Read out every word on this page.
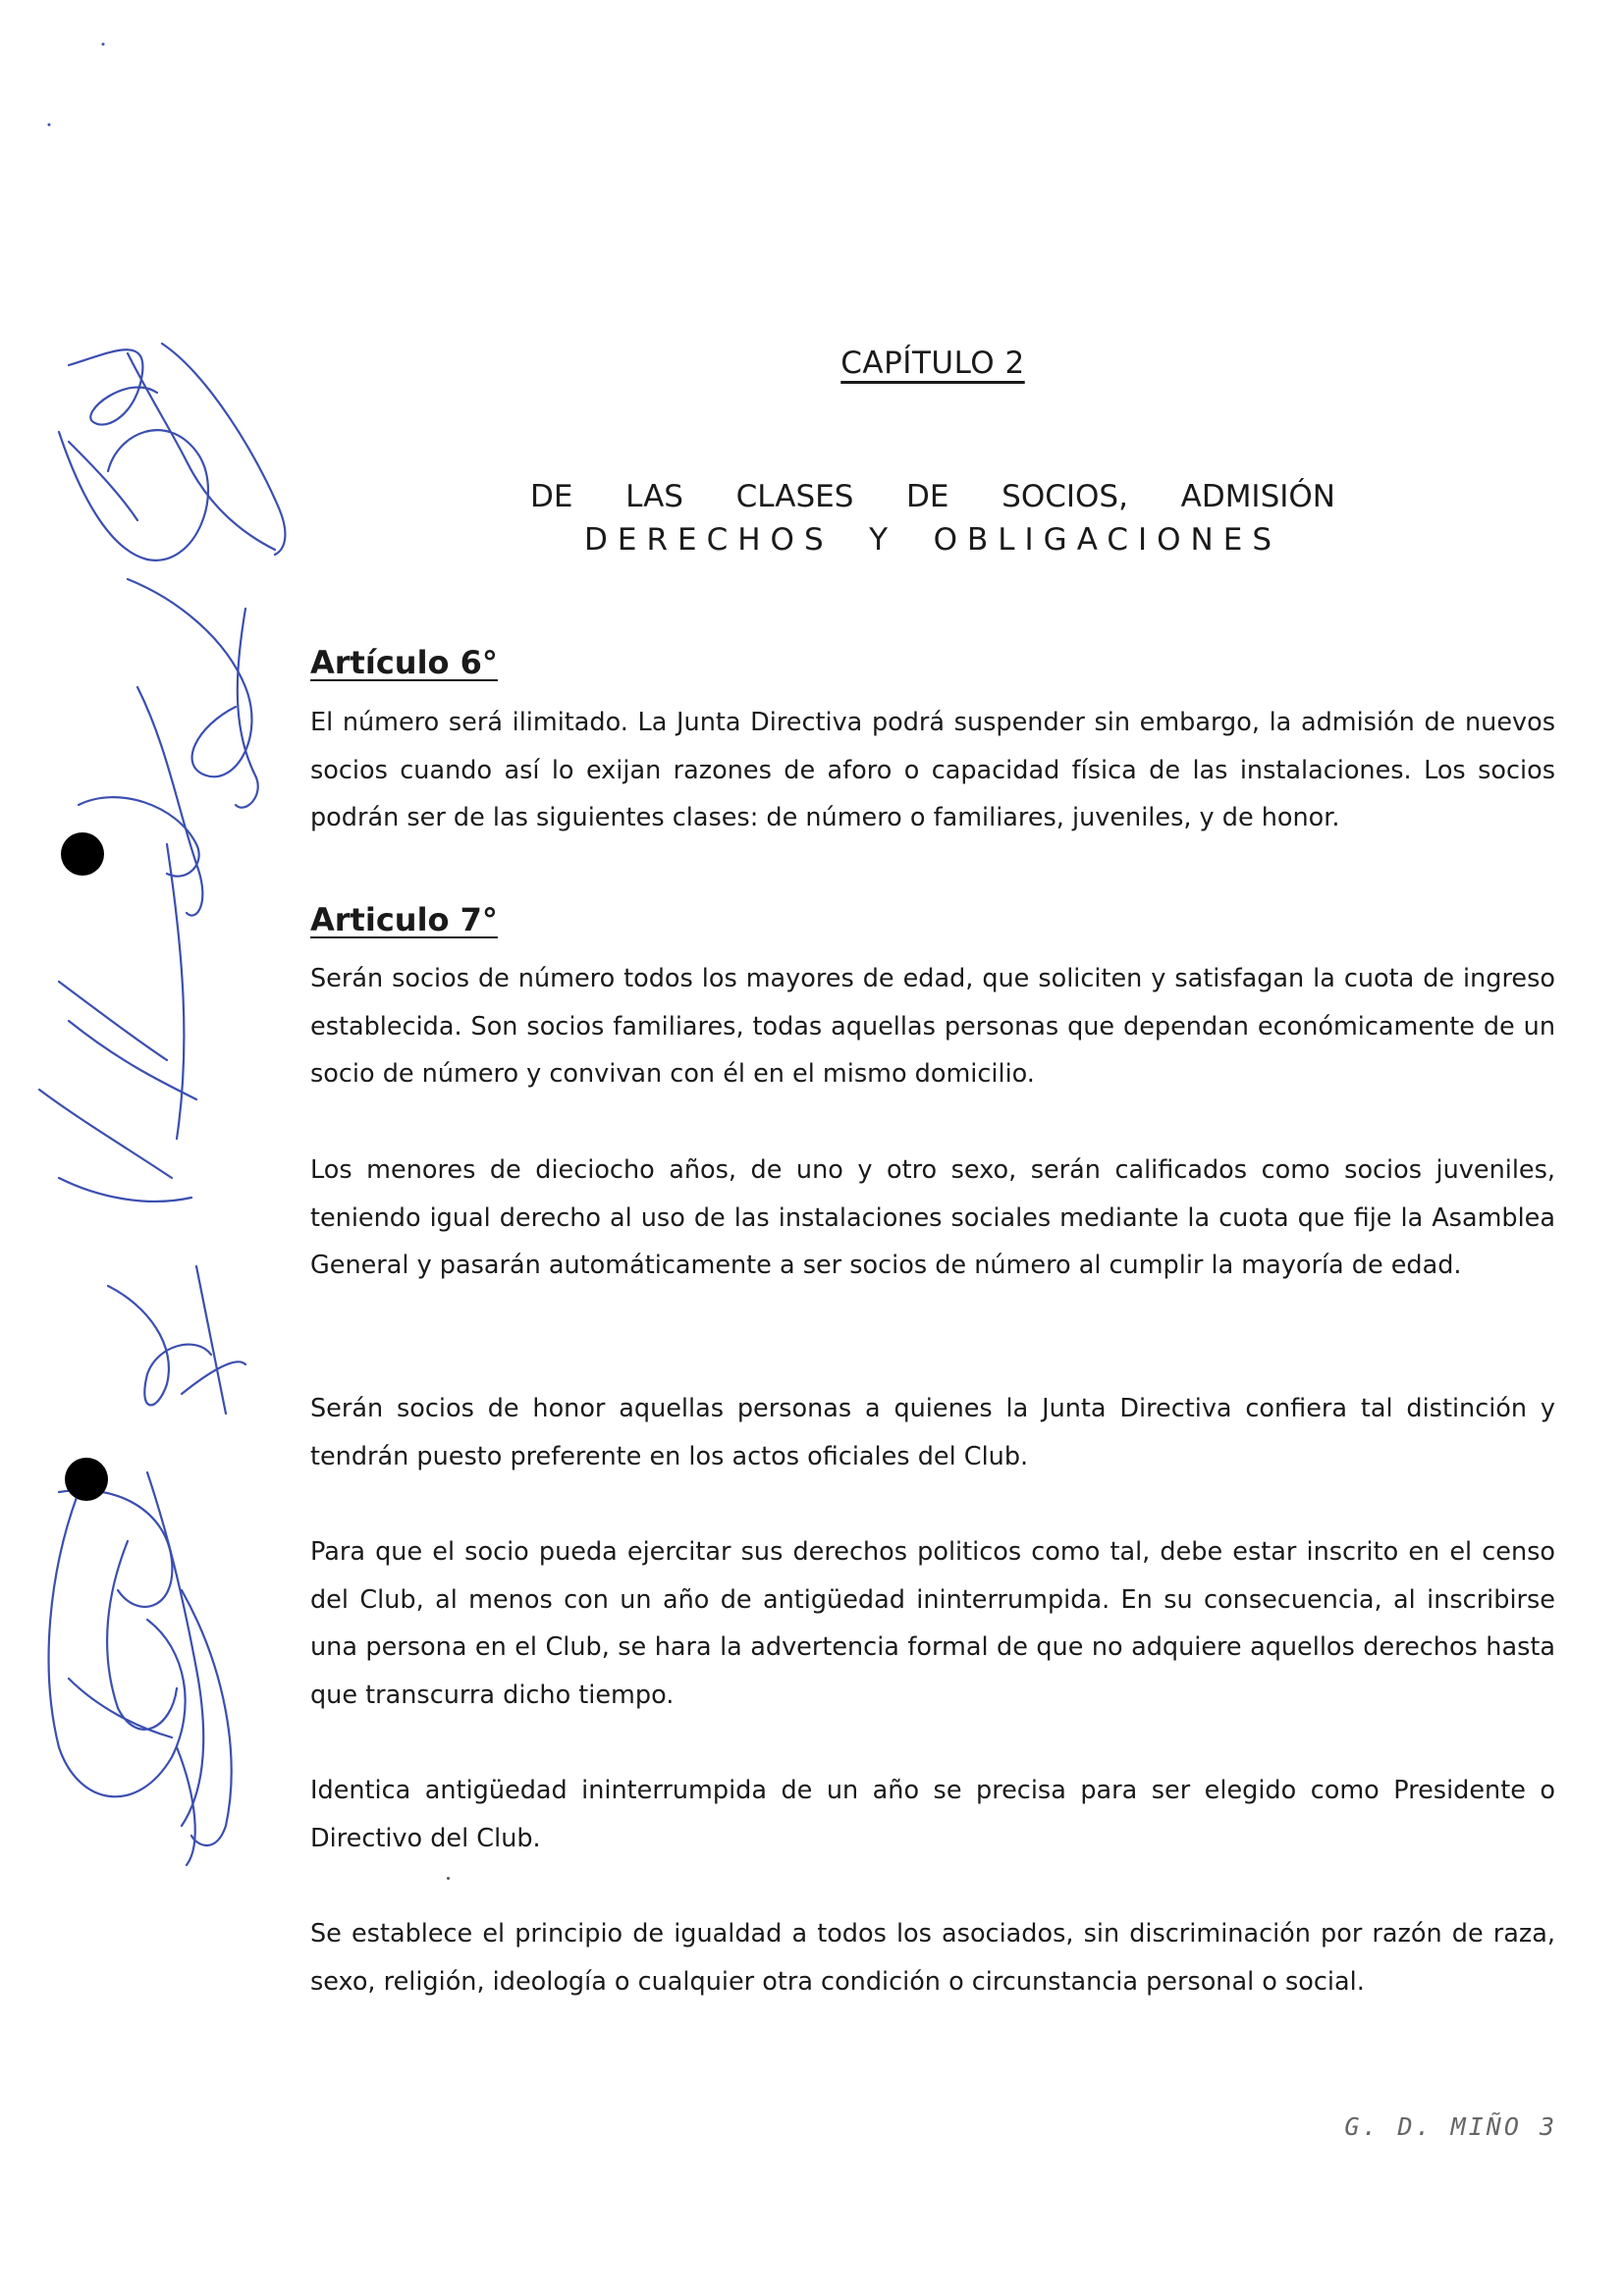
CAPÍTULO 2
DE LAS CLASES DE SOCIOS, ADMISIÓN
DERECHOS Y OBLIGACIONES
Artículo 6°

El número será ilimitado. La Junta Directiva podrá suspender sin embargo, la admisión de nuevos socios cuando así lo exijan razones de aforo o capacidad física de las instalaciones. Los socios podrán ser de las siguientes clases: de número o familiares, juveniles, y de honor.

Articulo 7°

Serán socios de número todos los mayores de edad, que soliciten y satisfagan la cuota de ingreso establecida. Son socios familiares, todas aquellas personas que dependan económicamente de un socio de número y convivan con él en el mismo domicilio.

Los menores de dieciocho años, de uno y otro sexo, serán calificados como socios juveniles, teniendo igual derecho al uso de las instalaciones sociales mediante la cuota que fije la Asamblea General y pasarán automáticamente a ser socios de número al cumplir la mayoría de edad.

Serán socios de honor aquellas personas a quienes la Junta Directiva confiera tal distinción y tendrán puesto preferente en los actos oficiales del Club.

Para que el socio pueda ejercitar sus derechos politicos como tal, debe estar inscrito en el censo del Club, al menos con un año de antigüedad ininterrumpida. En su consecuencia, al inscribirse una persona en el Club, se hara la advertencia formal de que no adquiere aquellos derechos hasta que transcurra dicho tiempo.

Identica antigüedad ininterrumpida de un año se precisa para ser elegido como Presidente o Directivo del Club.

Se establece el principio de igualdad a todos los asociados, sin discriminación por razón de raza, sexo, religión, ideología o cualquier otra condición o circunstancia personal o social.

G. D. MIÑO 3
